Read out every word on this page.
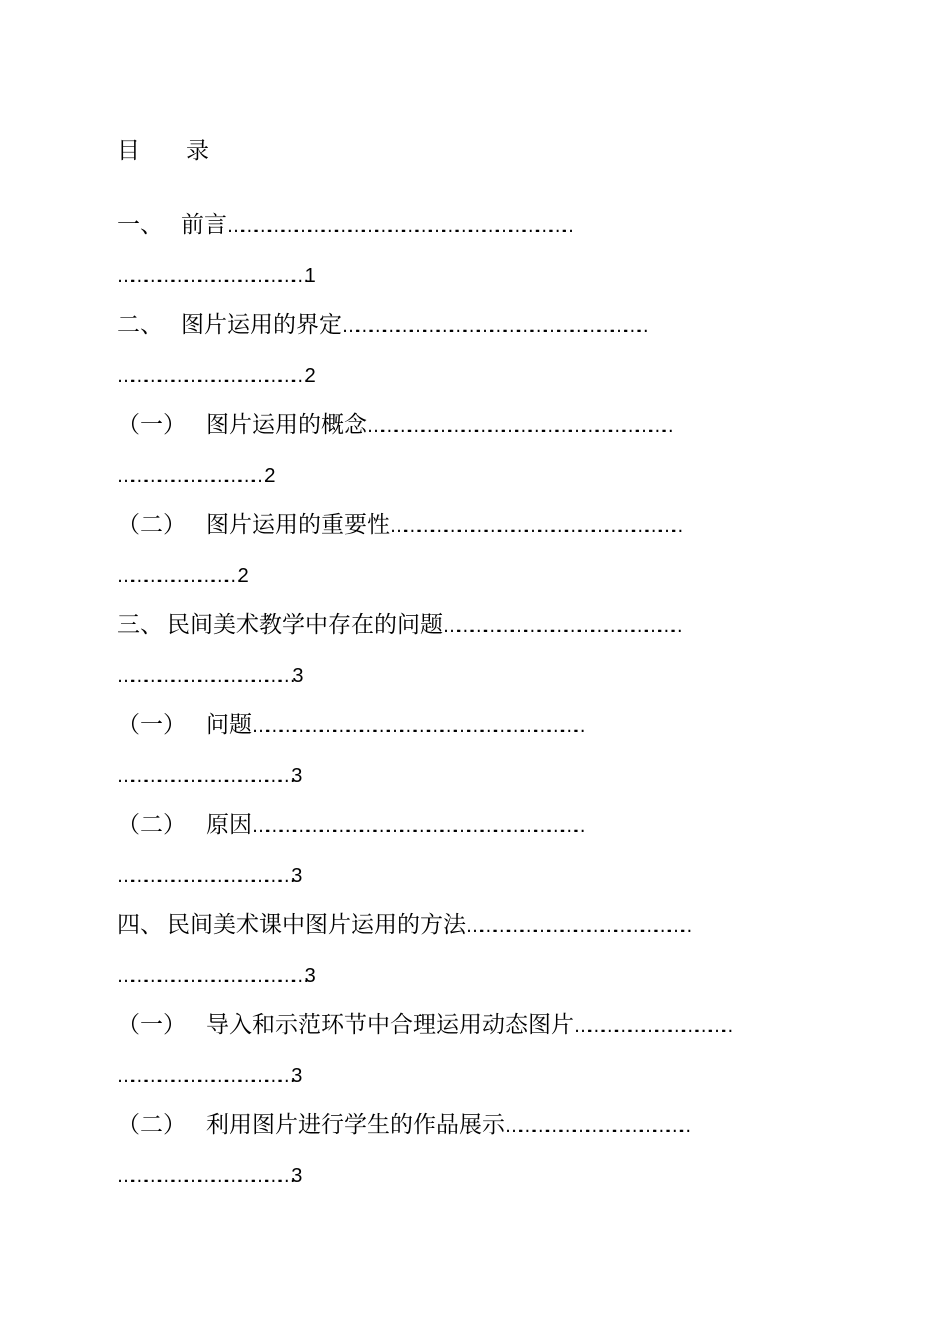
目　　录
一、 前言……………………………………………………………………
……………………………………1
二、 图片运用的界定……………………………………………………………
……………………………………2
（一） 图片运用的概念……………………………………………………………
……………………………2
（二） 图片运用的重要性…………………………………………………………
………………………2
三、 民间美术教学中存在的问题………………………………………………
………………………………… 3
（一） 问题…………………………………………………………………
…………………………………3
（二） 原因…………………………………………………………………
…………………………………3
四、 民间美术课中图片运用的方法……………………………………………
……………………………………3
（一） 导入和示范环节中合理运用动态图片………………………………
…………………………………3
（二） 利用图片进行学生的作品展示……………………………………
…………………………………3
